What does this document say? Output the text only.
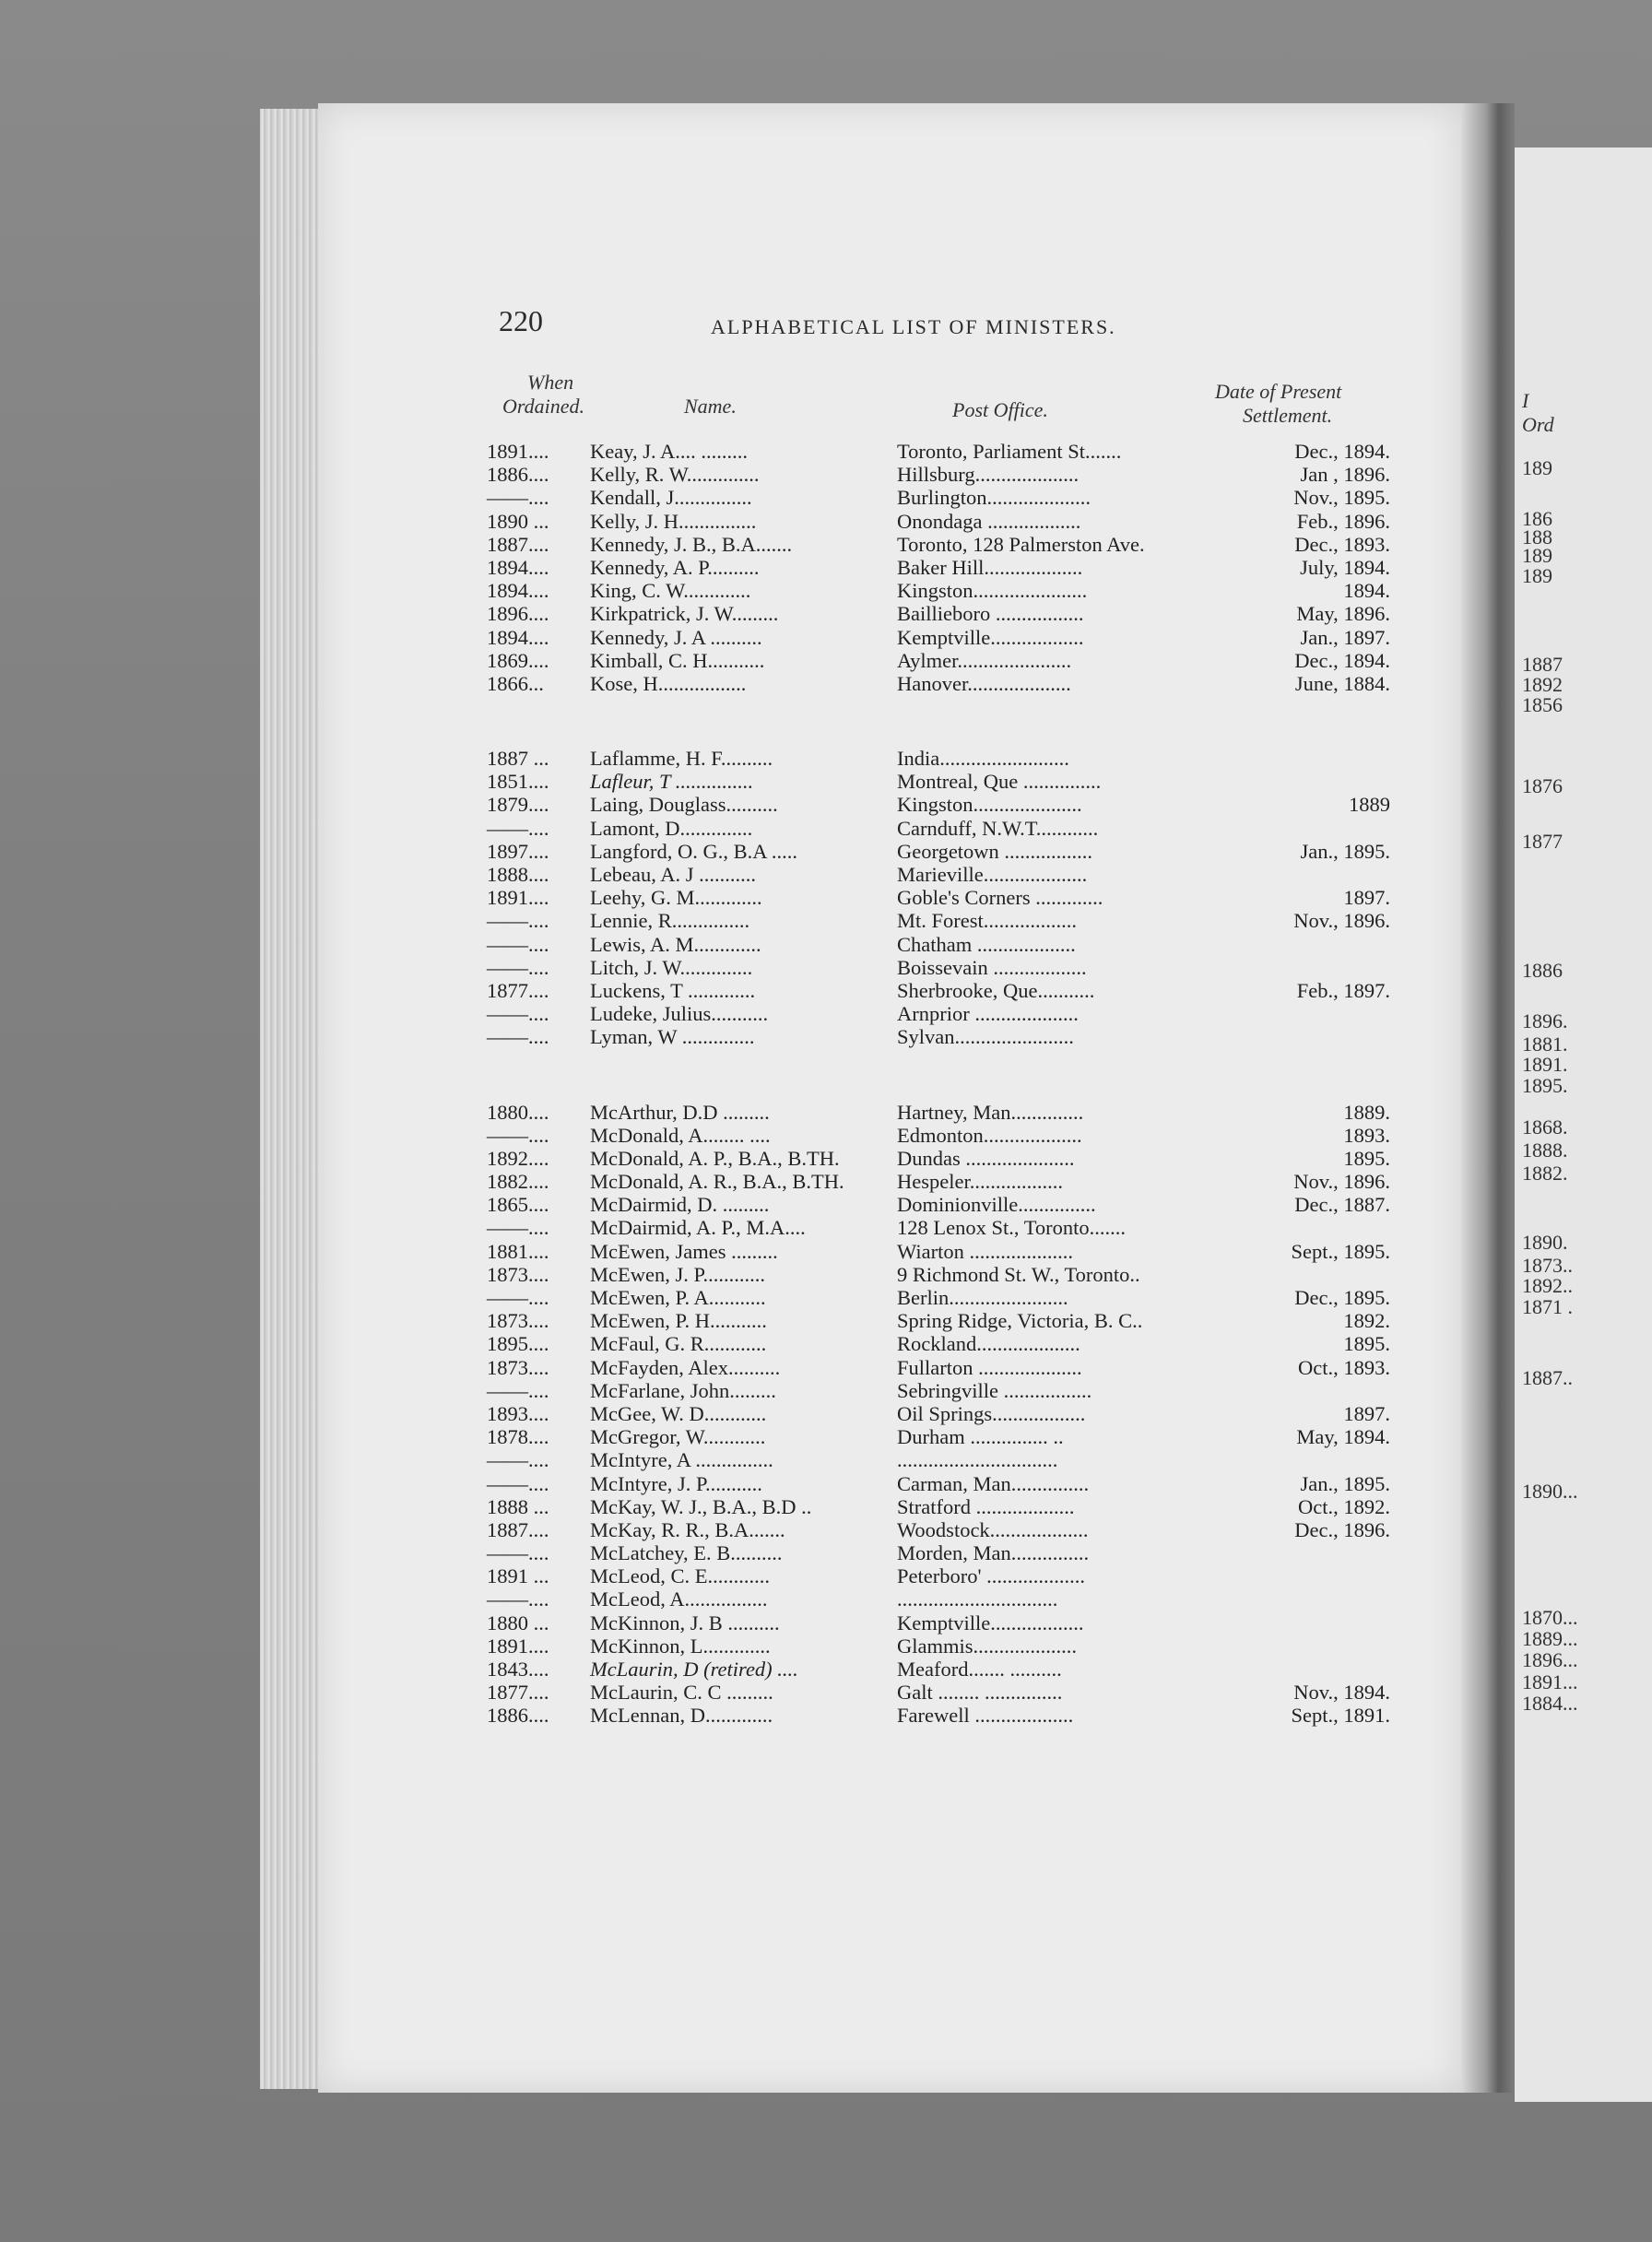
I
Ord
189
186
188
189
189
1887
1892
1856
1876
1877
1886
1896.
1881.
1891.
1895.
1868.
1888.
1882.
1890.
1873..
1892..
1871 .
1887..
1890...
1870...
1889...
1896...
1891...
1884...
220	ALPHABETICAL LIST OF MINISTERS.
When
Ordained.	Name.	Post Office.
Date of Present
Settlement.
1891....	Keay, J. A.... .........	Toronto, Parliament St.......	Dec., 1894.
1886....	Kelly, R. W..............	Hillsburg....................	Jan , 1896.
——....	Kendall, J...............	Burlington....................	Nov., 1895.
1890 ...	Kelly, J. H...............	Onondaga ..................	Feb., 1896.
1887....	Kennedy, J. B., B.A.......	Toronto, 128 Palmerston Ave.	Dec., 1893.
1894....	Kennedy, A. P..........	Baker Hill...................	July, 1894.
1894....	King, C. W.............	Kingston......................	1894.
1896....	Kirkpatrick, J. W.........	Baillieboro .................	May, 1896.
1894....	Kennedy, J. A ..........	Kemptville..................	Jan., 1897.
1869....	Kimball, C. H...........	Aylmer......................	Dec., 1894.
1866...	Kose, H.................	Hanover....................	June, 1884.
1887 ...	Laflamme, H. F..........	India.........................
1851....	Lafleur, T ...............	Montreal, Que ...............
1879....	Laing, Douglass..........	Kingston.....................	1889
——....	Lamont, D..............	Carnduff, N.W.T............
1897....	Langford, O. G., B.A .....	Georgetown .................	Jan., 1895.
1888....	Lebeau, A. J ...........	Marieville....................
1891....	Leehy, G. M.............	Goble's Corners .............	1897.
——....	Lennie, R...............	Mt. Forest..................	Nov., 1896.
——....	Lewis, A. M.............	Chatham ...................
——....	Litch, J. W..............	Boissevain ..................
1877....	Luckens, T .............	Sherbrooke, Que...........	Feb., 1897.
——....	Ludeke, Julius...........	Arnprior ....................
——....	Lyman, W ..............	Sylvan.......................
1880....	McArthur, D.D .........	Hartney, Man..............	1889.
——....	McDonald, A........ ....	Edmonton...................	1893.
1892....	McDonald, A. P., B.A., B.TH.	Dundas .....................	1895.
1882....	McDonald, A. R., B.A., B.TH.	Hespeler..................	Nov., 1896.
1865....	McDairmid, D. .........	Dominionville...............	Dec., 1887.
——....	McDairmid, A. P., M.A....	128 Lenox St., Toronto.......
1881....	McEwen, James .........	Wiarton ....................	Sept., 1895.
1873....	McEwen, J. P............	9 Richmond St. W., Toronto..
——....	McEwen, P. A...........	Berlin.......................	Dec., 1895.
1873....	McEwen, P. H...........	Spring Ridge, Victoria, B. C..	1892.
1895....	McFaul, G. R............	Rockland....................	1895.
1873....	McFayden, Alex..........	Fullarton ....................	Oct., 1893.
——....	McFarlane, John.........	Sebringville .................
1893....	McGee, W. D............	Oil Springs..................	1897.
1878....	McGregor, W............	Durham ............... ..	May, 1894.
——....	McIntyre, A ...............	...............................
——....	McIntyre, J. P...........	Carman, Man...............	Jan., 1895.
1888 ...	McKay, W. J., B.A., B.D ..	Stratford ...................	Oct., 1892.
1887....	McKay, R. R., B.A.......	Woodstock...................	Dec., 1896.
——....	McLatchey, E. B..........	Morden, Man...............
1891 ...	McLeod, C. E............	Peterboro' ...................
——....	McLeod, A................	...............................
1880 ...	McKinnon, J. B ..........	Kemptville..................
1891....	McKinnon, L.............	Glammis....................
1843....	McLaurin, D (retired) ....	Meaford....... ..........
1877....	McLaurin, C. C .........	Galt ........ ...............	Nov., 1894.
1886....	McLennan, D.............	Farewell ...................	Sept., 1891.
